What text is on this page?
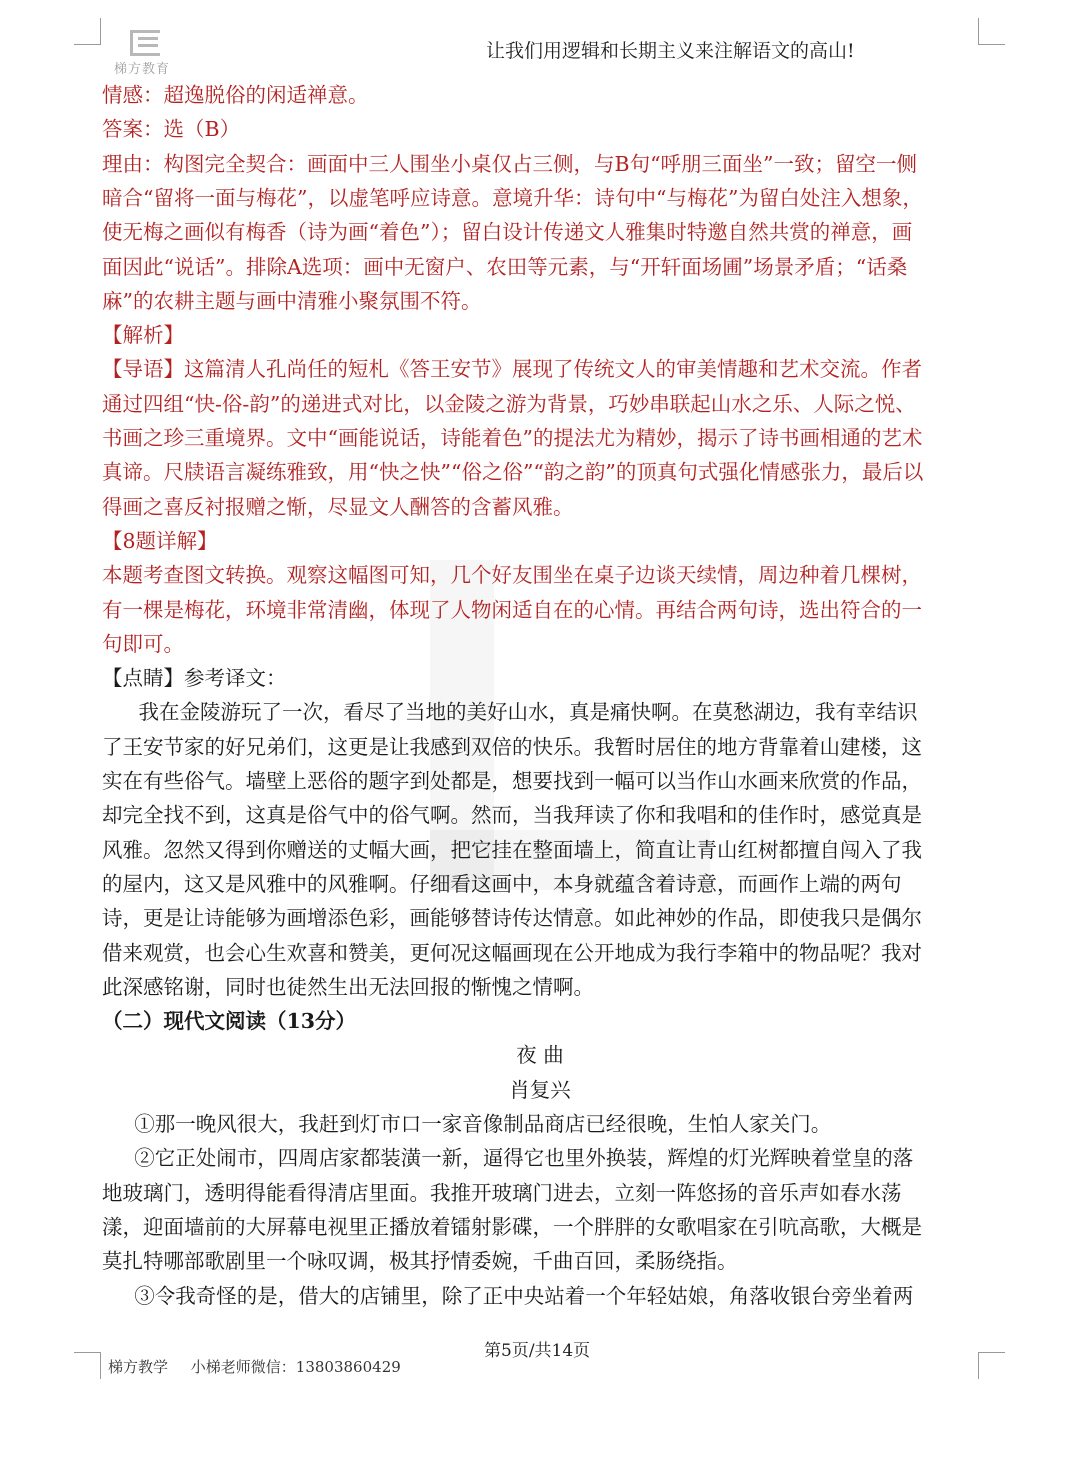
梯方教育
让我们用逻辑和长期主义来注解语文的高山!
情感：超逸脱俗的闲适禅意。
答案：选（B）
理由：构图完全契合：画面中三人围坐小桌仅占三侧，与B句“呼朋三面坐”一致；留空一侧
暗合“留将一面与梅花”，以虚笔呼应诗意。意境升华：诗句中“与梅花”为留白处注入想象，
使无梅之画似有梅香（诗为画“着色”）；留白设计传递文人雅集时特邀自然共赏的禅意，画
面因此“说话”。排除A选项：画中无窗户、农田等元素，与“开轩面场圃”场景矛盾；“话桑
麻”的农耕主题与画中清雅小聚氛围不符。
【解析】
【导语】这篇清人孔尚任的短札《答王安节》展现了传统文人的审美情趣和艺术交流。作者
通过四组“快-俗-韵”的递进式对比，以金陵之游为背景，巧妙串联起山水之乐、人际之悦、
书画之珍三重境界。文中“画能说话，诗能着色”的提法尤为精妙，揭示了诗书画相通的艺术
真谛。尺牍语言凝练雅致，用“快之快”“俗之俗”“韵之韵”的顶真句式强化情感张力，最后以
得画之喜反衬报赠之惭，尽显文人酬答的含蓄风雅。
【8题详解】
本题考查图文转换。观察这幅图可知，几个好友围坐在桌子边谈天续情，周边种着几棵树，
有一棵是梅花，环境非常清幽，体现了人物闲适自在的心情。再结合两句诗，选出符合的一
句即可。
【点睛】参考译文：
我在金陵游玩了一次，看尽了当地的美好山水，真是痛快啊。在莫愁湖边，我有幸结识
了王安节家的好兄弟们，这更是让我感到双倍的快乐。我暂时居住的地方背靠着山建楼，这
实在有些俗气。墙壁上恶俗的题字到处都是，想要找到一幅可以当作山水画来欣赏的作品，
却完全找不到，这真是俗气中的俗气啊。然而，当我拜读了你和我唱和的佳作时，感觉真是
风雅。忽然又得到你赠送的丈幅大画，把它挂在整面墙上，简直让青山红树都擅自闯入了我
的屋内，这又是风雅中的风雅啊。仔细看这画中，本身就蕴含着诗意，而画作上端的两句
诗，更是让诗能够为画增添色彩，画能够替诗传达情意。如此神妙的作品，即使我只是偶尔
借来观赏，也会心生欢喜和赞美，更何况这幅画现在公开地成为我行李箱中的物品呢？我对
此深感铭谢，同时也徒然生出无法回报的惭愧之情啊。
（二）现代文阅读（13分）
夜 曲
肖复兴
①那一晚风很大，我赶到灯市口一家音像制品商店已经很晚，生怕人家关门。
②它正处闹市，四周店家都装潢一新，逼得它也里外换装，辉煌的灯光辉映着堂皇的落
地玻璃门，透明得能看得清店里面。我推开玻璃门进去，立刻一阵悠扬的音乐声如春水荡
漾，迎面墙前的大屏幕电视里正播放着镭射影碟，一个胖胖的女歌唱家在引吭高歌，大概是
莫扎特哪部歌剧里一个咏叹调，极其抒情委婉，千曲百回，柔肠绕指。
③令我奇怪的是，借大的店铺里，除了正中央站着一个年轻姑娘，角落收银台旁坐着两
第5页/共14页
梯方教学 小梯老师微信：13803860429
